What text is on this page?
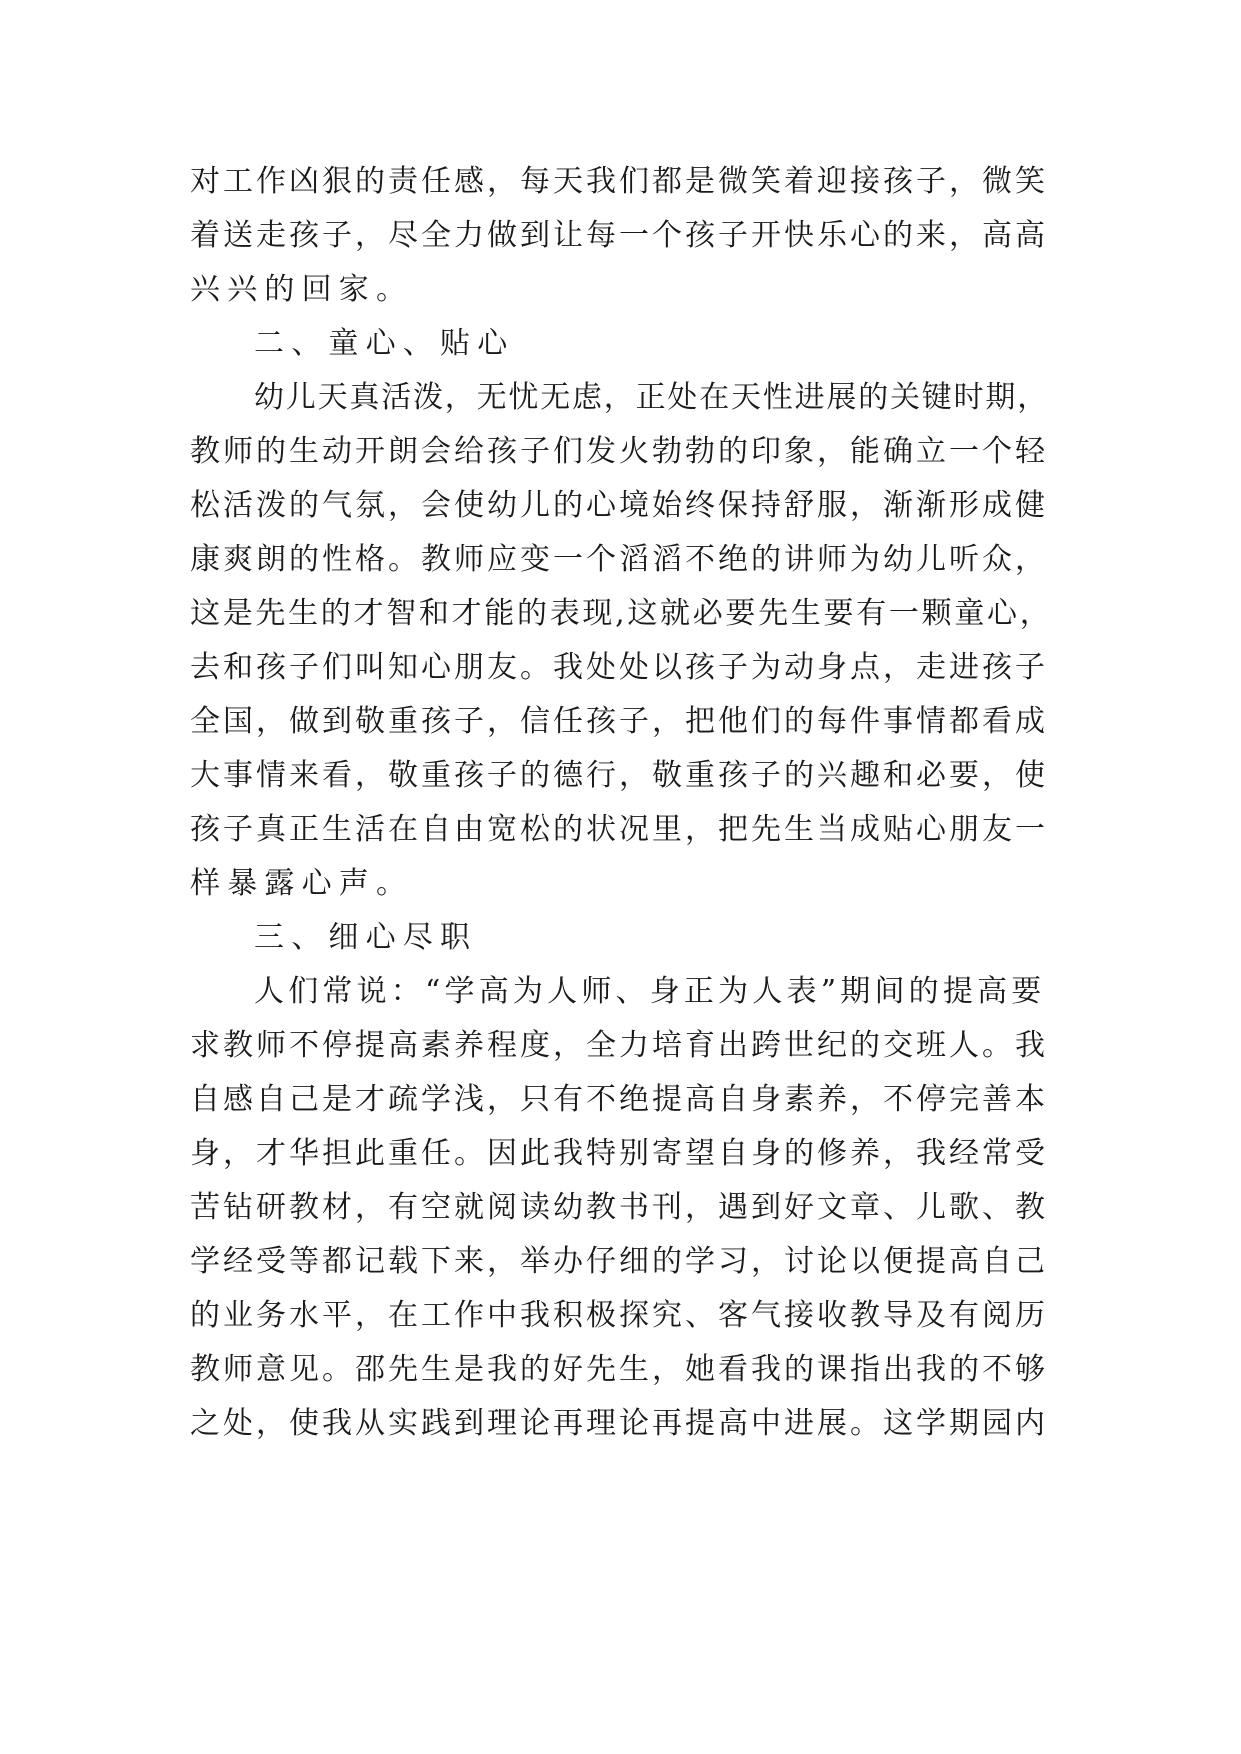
对工作凶狠的责任感，每天我们都是微笑着迎接孩子，微笑
着送走孩子，尽全力做到让每一个孩子开快乐心的来，高高
兴兴的回家。
二、童心、贴心
幼儿天真活泼，无忧无虑，正处在天性进展的关键时期，
教师的生动开朗会给孩子们发火勃勃的印象，能确立一个轻
松活泼的气氛，会使幼儿的心境始终保持舒服，渐渐形成健
康爽朗的性格。教师应变一个滔滔不绝的讲师为幼儿听众，
这是先生的才智和才能的表现,这就必要先生要有一颗童心，
去和孩子们叫知心朋友。我处处以孩子为动身点，走进孩子
全国，做到敬重孩子，信任孩子，把他们的每件事情都看成
大事情来看，敬重孩子的德行，敬重孩子的兴趣和必要，使
孩子真正生活在自由宽松的状况里，把先生当成贴心朋友一
样暴露心声。
三、细心尽职
人们常说：“学高为人师、身正为人表”期间的提高要
求教师不停提高素养程度，全力培育出跨世纪的交班人。我
自感自己是才疏学浅，只有不绝提高自身素养，不停完善本
身，才华担此重任。因此我特别寄望自身的修养，我经常受
苦钻研教材，有空就阅读幼教书刊，遇到好文章、儿歌、教
学经受等都记载下来，举办仔细的学习，讨论以便提高自己
的业务水平，在工作中我积极探究、客气接收教导及有阅历
教师意见。邵先生是我的好先生，她看我的课指出我的不够
之处，使我从实践到理论再理论再提高中进展。这学期园内
